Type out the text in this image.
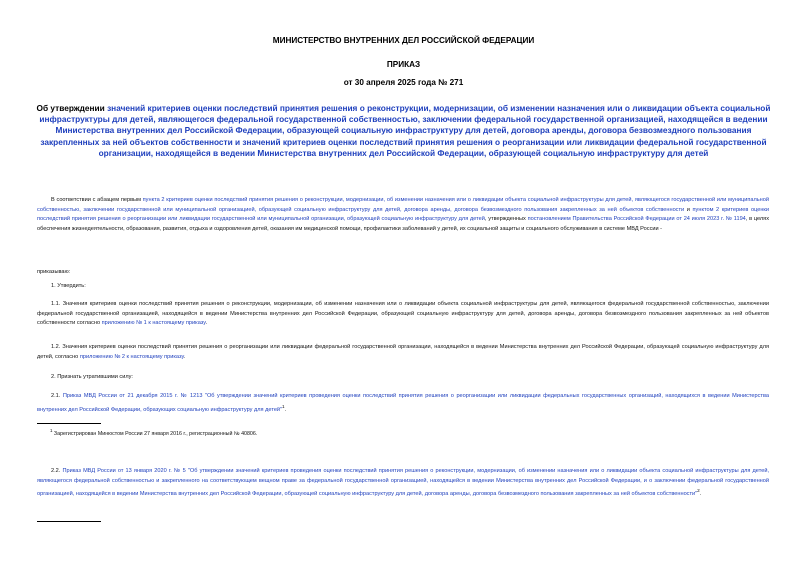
МИНИСТЕРСТВО ВНУТРЕННИХ ДЕЛ РОССИЙСКОЙ ФЕДЕРАЦИИ
ПРИКАЗ
от 30 апреля 2025 года № 271
Об утверждении значений критериев оценки последствий принятия решения о реконструкции, модернизации, об изменении назначения или о ликвидации объекта социальной инфраструктуры для детей, являющегося федеральной государственной собственностью, заключении федеральной государственной организацией, находящейся в ведении Министерства внутренних дел Российской Федерации, образующей социальную инфраструктуру для детей, договора аренды, договора безвозмездного пользования закрепленных за ней объектов собственности и значений критериев оценки последствий принятия решения о реорганизации или ликвидации федеральной государственной организации, находящейся в ведении Министерства внутренних дел Российской Федерации, образующей социальную инфраструктуру для детей
В соответствии с абзацем первым пункта 2 критериев оценки последствий принятия решения о реконструкции, модернизации, об изменении назначения или о ликвидации объекта социальной инфраструктуры для детей, являющегося государственной или муниципальной собственностью, заключении государственной или муниципальной организацией, образующей социальную инфраструктуру для детей, договора аренды, договора безвозмездного пользования закрепленных за ней объектов собственности и пунктом 2 критериев оценки последствий принятия решения о реорганизации или ликвидации государственной или муниципальной организации, образующей социальную инфраструктуру для детей, утвержденных постановлением Правительства Российской Федерации от 24 июля 2023 г. № 1194, в целях обеспечения жизнедеятельности, образования, развития, отдыха и оздоровления детей, оказания им медицинской помощи, профилактики заболеваний у детей, их социальной защиты и социального обслуживания в системе МВД России -
приказываю:
1. Утвердить:
1.1. Значения критериев оценки последствий принятия решения о реконструкции, модернизации, об изменении назначения или о ликвидации объекта социальной инфраструктуры для детей, являющегося федеральной государственной собственностью, заключении федеральной государственной организацией, находящейся в ведении Министерства внутренних дел Российской Федерации, образующей социальную инфраструктуру для детей, договора аренды, договора безвозмездного пользования закрепленных за ней объектов собственности согласно приложению № 1 к настоящему приказу.
1.2. Значения критериев оценки последствий принятия решения о реорганизации или ликвидации федеральной государственной организации, находящейся в ведении Министерства внутренних дел Российской Федерации, образующей социальную инфраструктуру для детей, согласно приложению № 2 к настоящему приказу.
2. Признать утратившими силу:
2.1. Приказ МВД России от 21 декабря 2015 г. № 1213 "Об утверждении значений критериев проведения оценки последствий принятия решения о реорганизации или ликвидации федеральных государственных организаций, находящихся в ведении Министерства внутренних дел Российской Федерации, образующих социальную инфраструктуру для детей"$^1$.
$^1$ Зарегистрирован Минюстом России 27 января 2016 г., регистрационный № 40806.
2.2. Приказ МВД России от 13 января 2020 г. № 5 "Об утверждении значений критериев проведения оценки последствий принятия решения о реконструкции, модернизации, об изменении назначения или о ликвидации объекта социальной инфраструктуры для детей, являющегося федеральной собственностью и закрепленного на соответствующем вещном праве за федеральной государственной организацией, находящейся в ведении Министерства внутренних дел Российской Федерации, и о заключении федеральной государственной организацией, находящейся в ведении Министерства внутренних дел Российской Федерации, образующей социальную инфраструктуру для детей, договора аренды, договора безвозмездного пользования закрепленных за ней объектов собственности"$^2$.
